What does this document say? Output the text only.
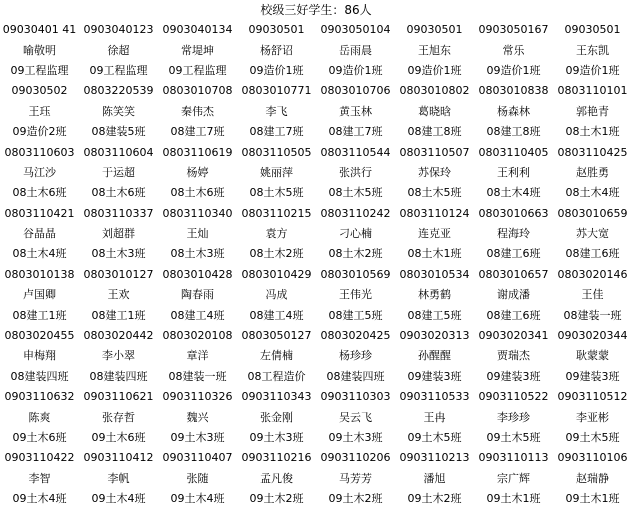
校级三好学生：86人
09030401 41	0903040123	0903040134	09030501	0903050104	09030501	0903050167	09030501
喻敬明	徐超	常堤坤	杨舒诏	岳雨晨	王旭东	常乐	王东凯
09工程监理	09工程监理	09工程监理	09造价1班	09造价1班	09造价1班	09造价1班	09造价1班
09030502	0803220539	0803010708	0803010771	0803010706	0803010802	0803010838	0803110101
王珏	陈笑笑	秦伟杰	李飞	黄玉林	葛晓晗	杨森林	郭艳青
09造价2班	08建装5班	08建工7班	08建工7班	08建工7班	08建工8班	08建工8班	08土木1班
0803110603	0803110604	0803110619	0803110505	0803110544	0803110507	0803110405	0803110425
马江沙	于运超	杨婷	姚丽萍	张洪行	苏保玲	王利利	赵胜勇
08土木6班	08土木6班	08土木6班	08土木5班	08土木5班	08土木5班	08土木4班	08土木4班
0803110421	0803110337	0803110340	0803110215	0803110242	0803110124	0803010663	0803010659
谷晶晶	刘超群	王灿	袁方	刁心楠	连克亚	程海玲	苏大宽
08土木4班	08土木3班	08土木3班	08土木2班	08土木2班	08土木1班	08建工6班	08建工6班
0803010138	0803010127	0803010428	0803010429	0803010569	0803010534	0803010657	0803020146
卢国卿	王欢	陶春雨	冯成	王伟光	林勇鹤	谢成潘	王佳
08建工1班	08建工1班	08建工4班	08建工4班	08建工5班	08建工5班	08建工6班	08建装一班
0803020455	0803020442	0803020108	0803050127	0803020425	0903020313	0903020341	0903020344
申梅翔	李小翠	章洋	左倩楠	杨珍珍	孙醒醒	贾瑞杰	耿蒙蒙
08建装四班	08建装四班	08建装一班	08工程造价	08建装四班	09建装3班	09建装3班	09建装3班
0903110632	0903110621	0903110326	0903110343	0903110303	0903110533	0903110522	0903110512
陈爽	张存哲	魏兴	张金刚	吴云飞	王冉	李珍珍	李亚彬
09土木6班	09土木6班	09土木3班	09土木3班	09土木3班	09土木5班	09土木5班	09土木5班
0903110422	0903110412	0903110407	0903110216	0903110206	0903110213	0903110113	0903110106
李智	李帆	张随	孟凡俊	马芳芳	潘旭	宗广辉	赵瑞静
09土木4班	09土木4班	09土木4班	09土木2班	09土木2班	09土木2班	09土木1班	09土木1班
